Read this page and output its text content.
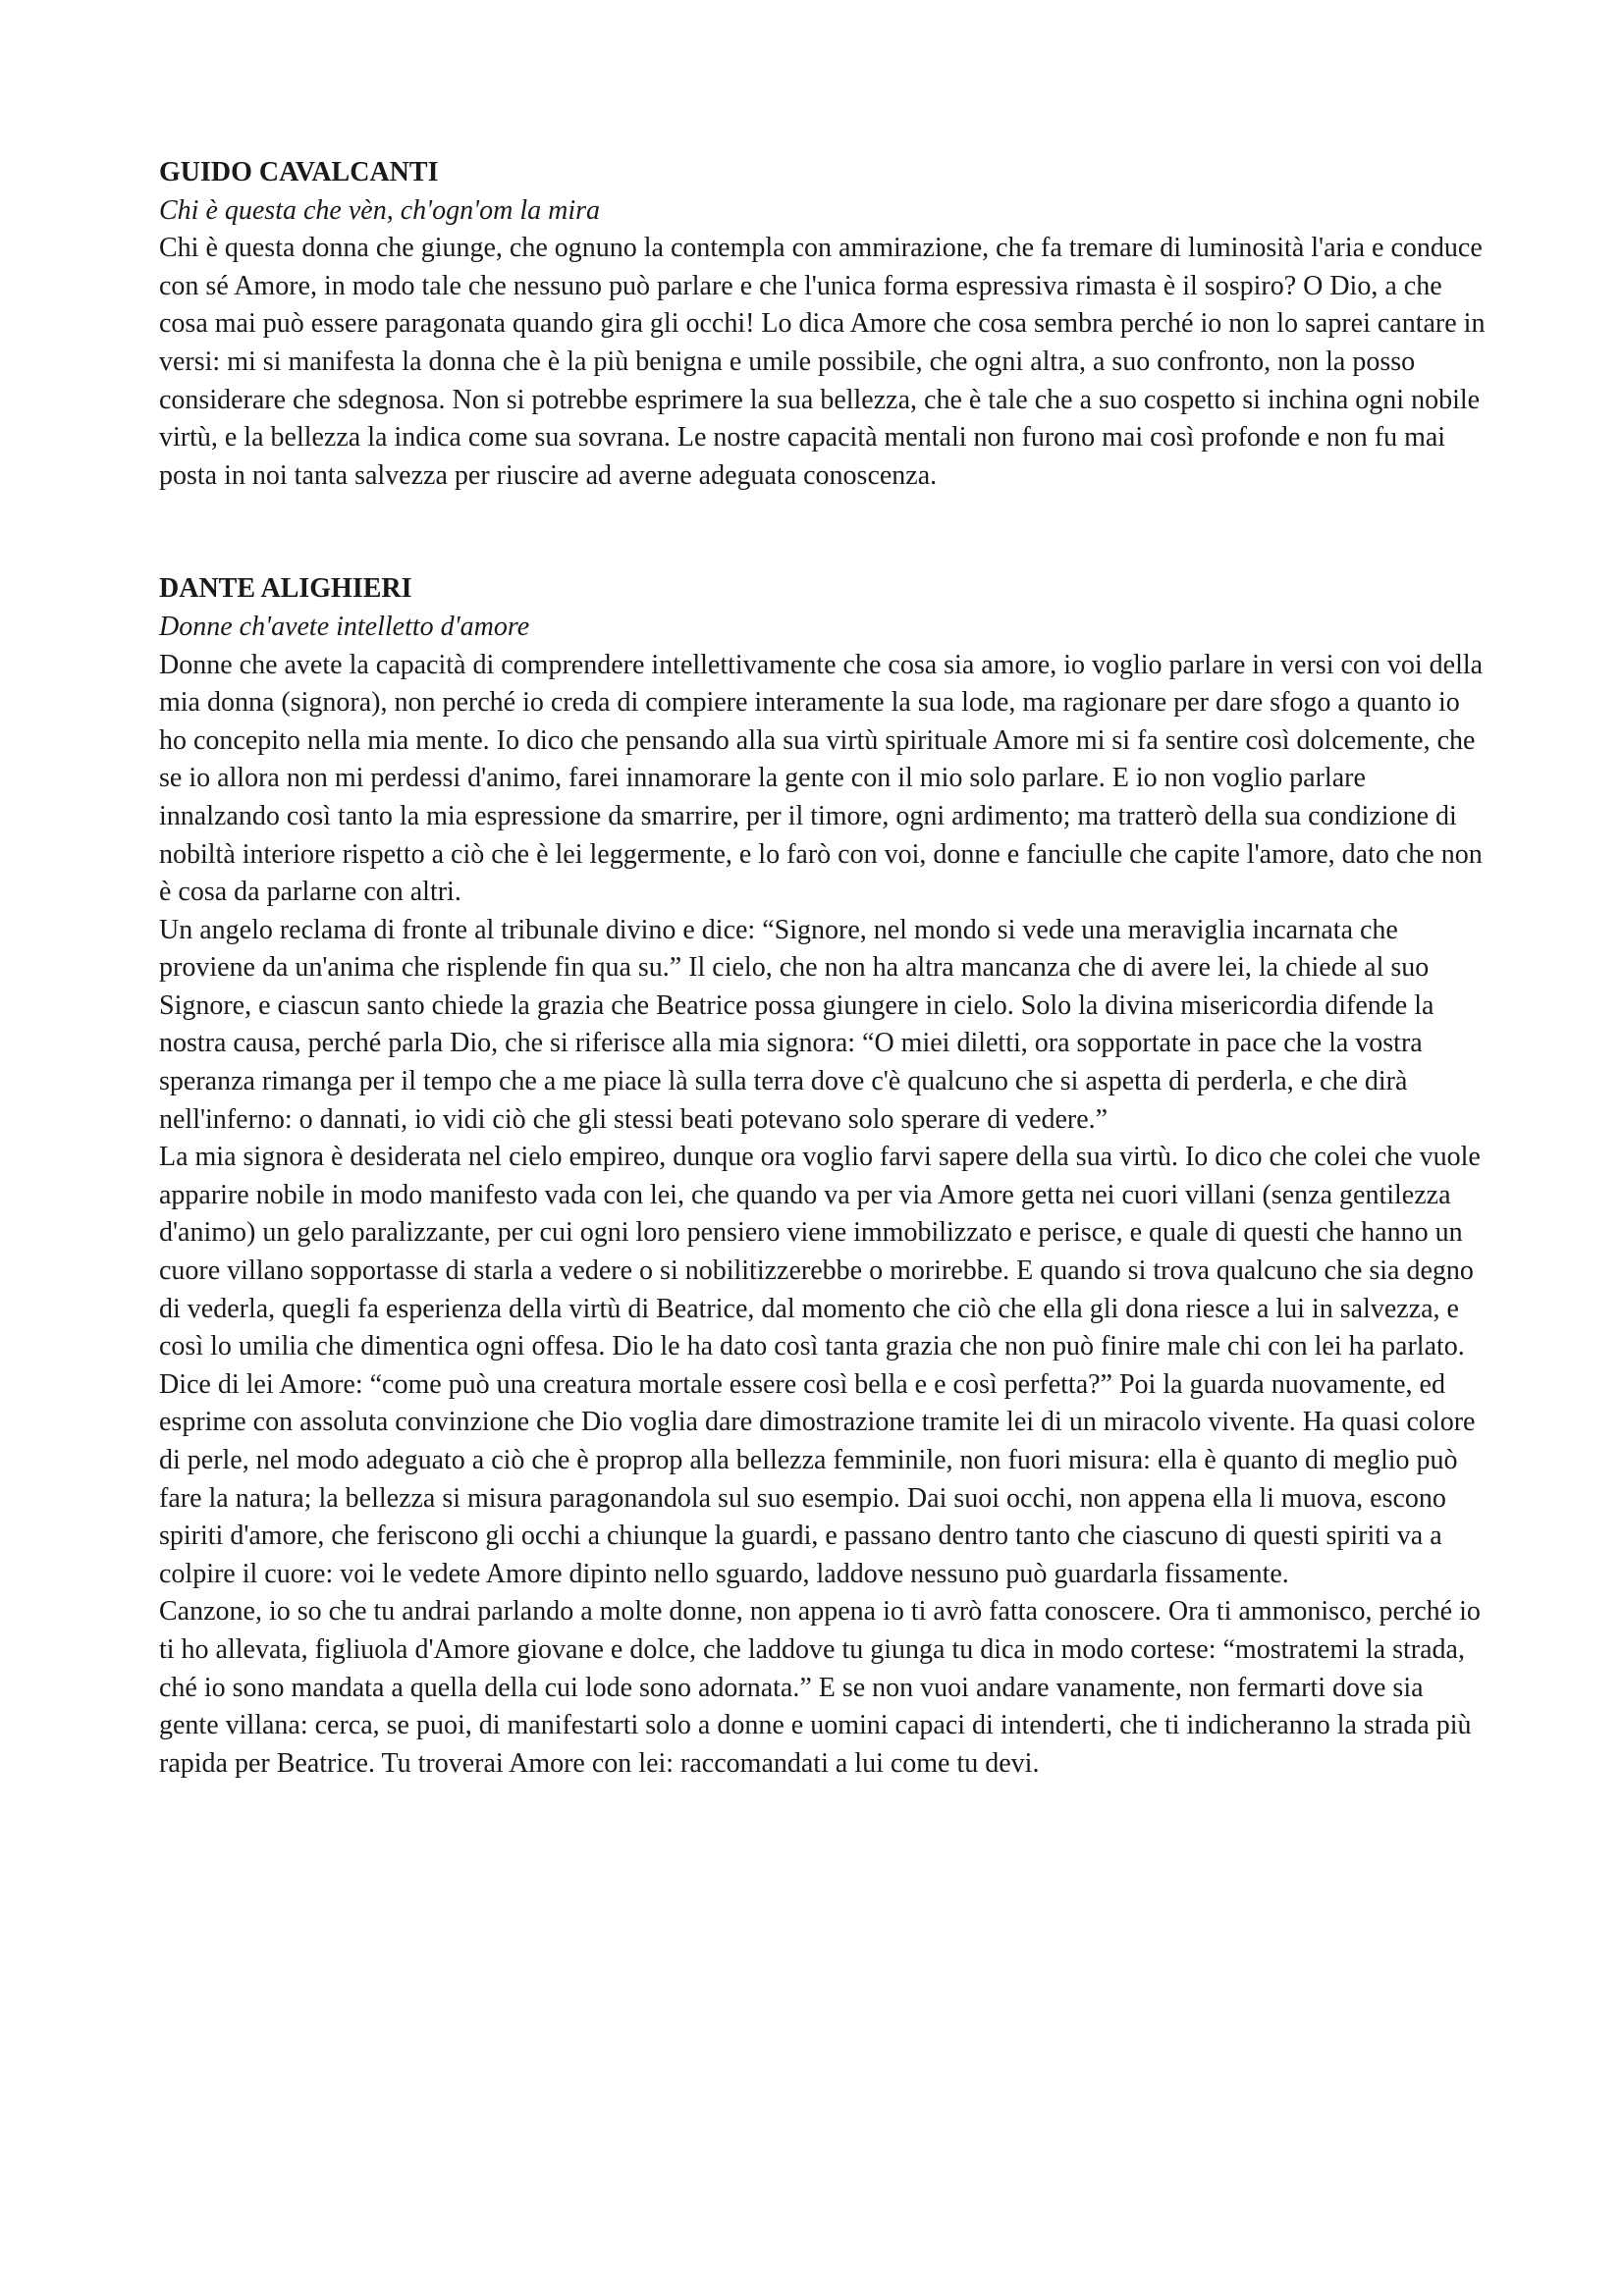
GUIDO CAVALCANTI

Chi è questa che vèn, ch'ogn'om la mira

Chi è questa donna che giunge, che ognuno la contempla con ammirazione, che fa tremare di luminosità l'aria e conduce con sé Amore, in modo tale che nessuno può parlare e che l'unica forma espressiva rimasta è il sospiro? O Dio, a che cosa mai può essere paragonata quando gira gli occhi! Lo dica Amore che cosa sembra perché io non lo saprei cantare in versi: mi si manifesta la donna che è la più benigna e umile possibile, che ogni altra, a suo confronto, non la posso considerare che sdegnosa. Non si potrebbe esprimere la sua bellezza, che è tale che a suo cospetto si inchina ogni nobile virtù, e la bellezza la indica come sua sovrana. Le nostre capacità mentali non furono mai così profonde e non fu mai posta in noi tanta salvezza per riuscire ad averne adeguata conoscenza.

DANTE ALIGHIERI

Donne ch'avete intelletto d'amore

Donne che avete la capacità di comprendere intellettivamente che cosa sia amore, io voglio parlare in versi con voi della mia donna (signora), non perché io creda di compiere interamente la sua lode, ma ragionare per dare sfogo a quanto io ho concepito nella mia mente. Io dico che pensando alla sua virtù spirituale Amore mi si fa sentire così dolcemente, che se io allora non mi perdessi d'animo, farei innamorare la gente con il mio solo parlare. E io non voglio parlare innalzando così tanto la mia espressione da smarrire, per il timore, ogni ardimento; ma tratterò della sua condizione di nobiltà interiore rispetto a ciò che è lei leggermente, e lo farò con voi, donne e fanciulle che capite l'amore, dato che non è cosa da parlarne con altri.

Un angelo reclama di fronte al tribunale divino e dice: “Signore, nel mondo si vede una meraviglia incarnata che proviene da un'anima che risplende fin qua su.” Il cielo, che non ha altra mancanza che di avere lei, la chiede al suo Signore, e ciascun santo chiede la grazia che Beatrice possa giungere in cielo. Solo la divina misericordia difende la nostra causa, perché parla Dio, che si riferisce alla mia signora: “O miei diletti, ora sopportate in pace che la vostra speranza rimanga per il tempo che a me piace là sulla terra dove c'è qualcuno che si aspetta di perderla, e che dirà nell'inferno: o dannati, io vidi ciò che gli stessi beati potevano solo sperare di vedere.”

La mia signora è desiderata nel cielo empireo, dunque ora voglio farvi sapere della sua virtù. Io dico che colei che vuole apparire nobile in modo manifesto vada con lei, che quando va per via Amore getta nei cuori villani (senza gentilezza d'animo) un gelo paralizzante, per cui ogni loro pensiero viene immobilizzato e perisce, e quale di questi che hanno un cuore villano sopportasse di starla a vedere o si nobilitizzerebbe o morirebbe. E quando si trova qualcuno che sia degno di vederla, quegli fa esperienza della virtù di Beatrice, dal momento che ciò che ella gli dona riesce a lui in salvezza, e così lo umilia che dimentica ogni offesa. Dio le ha dato così tanta grazia che non può finire male chi con lei ha parlato.

Dice di lei Amore: “come può una creatura mortale essere così bella e e così perfetta?” Poi la guarda nuovamente, ed esprime con assoluta convinzione che Dio voglia dare dimostrazione tramite lei di un miracolo vivente. Ha quasi colore di perle, nel modo adeguato a ciò che è proprop alla bellezza femminile, non fuori misura: ella è quanto di meglio può fare la natura; la bellezza si misura paragonandola sul suo esempio. Dai suoi occhi, non appena ella li muova, escono spiriti d'amore, che feriscono gli occhi a chiunque la guardi, e passano dentro tanto che ciascuno di questi spiriti va a colpire il cuore: voi le vedete Amore dipinto nello sguardo, laddove nessuno può guardarla fissamente.

Canzone, io so che tu andrai parlando a molte donne, non appena io ti avrò fatta conoscere. Ora ti ammonisco, perché io ti ho allevata, figliuola d'Amore giovane e dolce, che laddove tu giunga tu dica in modo cortese: “mostratemi la strada, ché io sono mandata a quella della cui lode sono adornata.” E se non vuoi andare vanamente, non fermarti dove sia gente villana: cerca, se puoi, di manifestarti solo a donne e uomini capaci di intenderti, che ti indicheranno la strada più rapida per Beatrice. Tu troverai Amore con lei: raccomandati a lui come tu devi.
